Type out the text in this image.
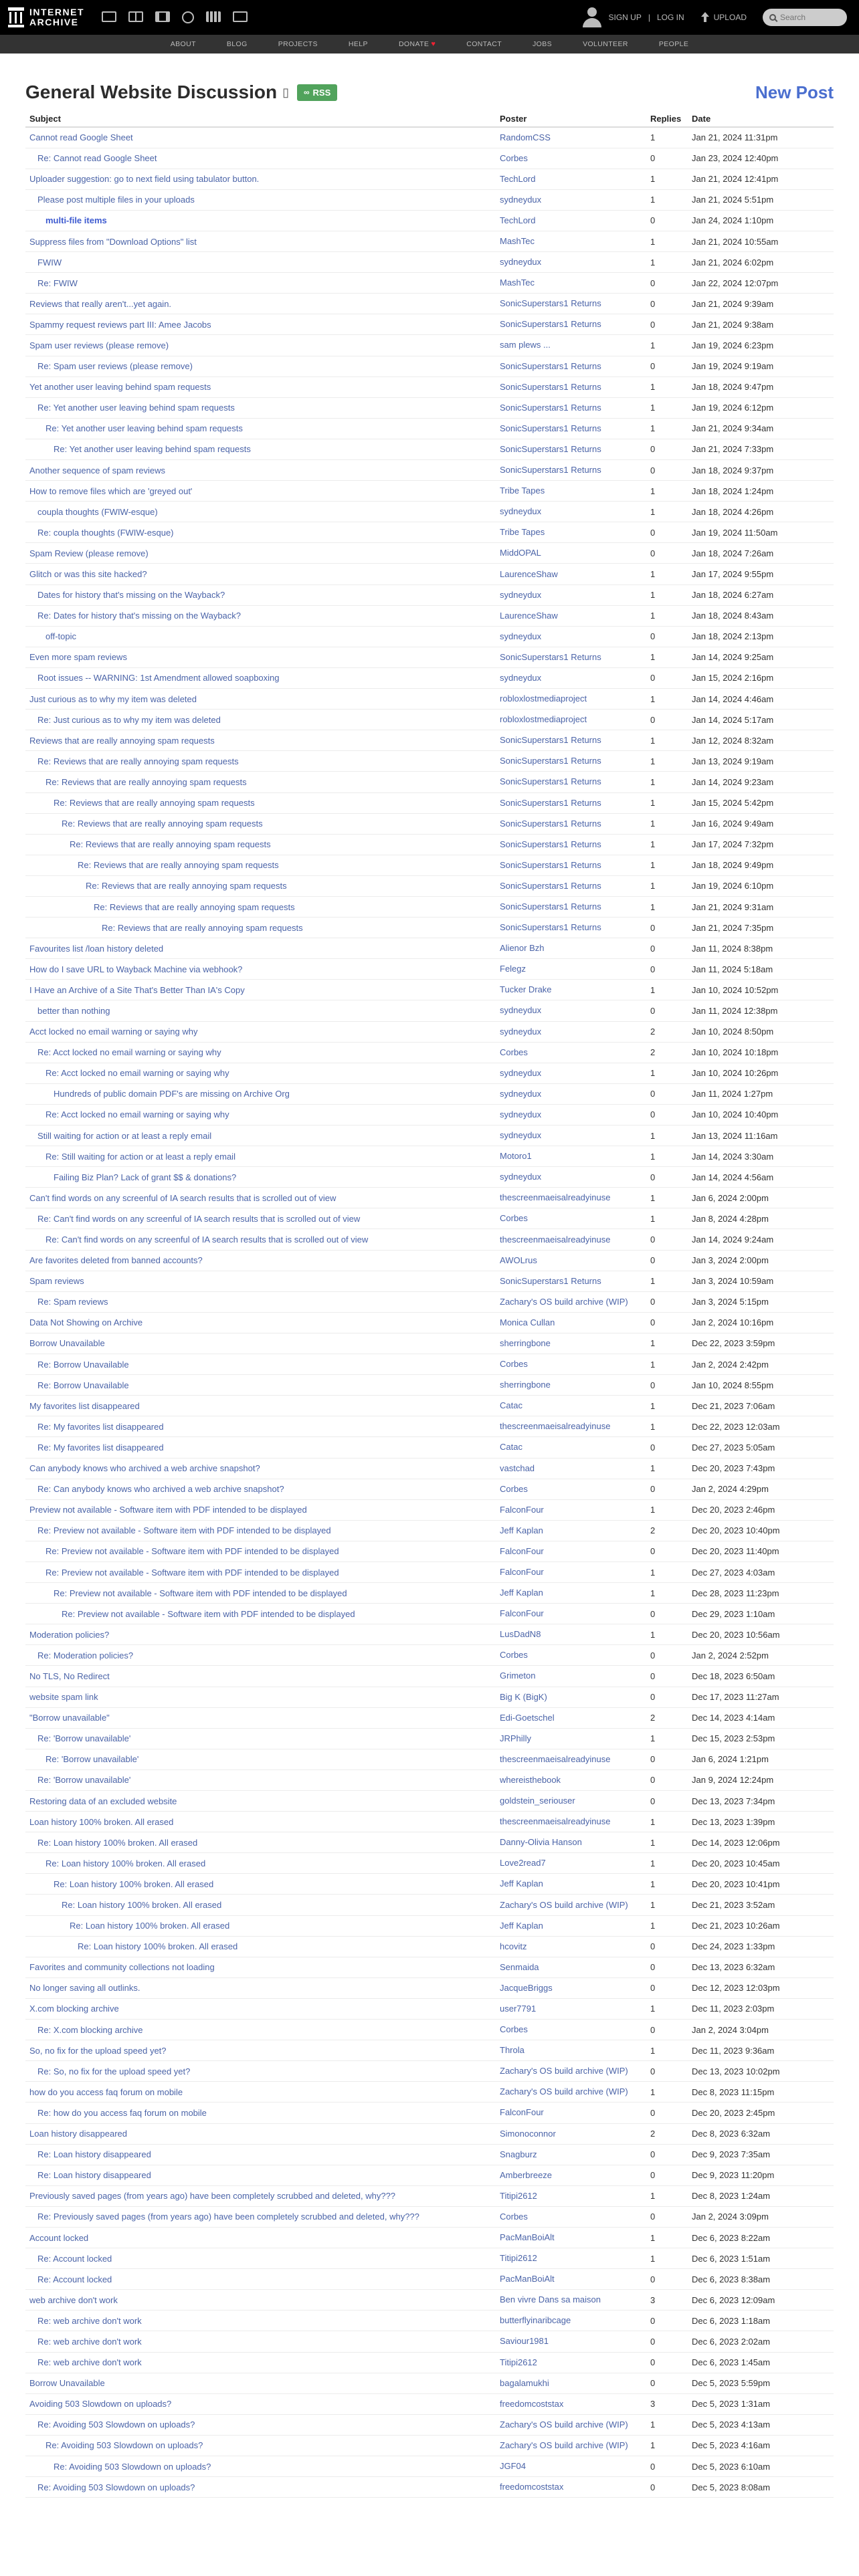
INTERNET
ARCHIVE	SIGN UP | LOG IN	UPLOAD
Search
ABOUT	BLOG	PROJECTS	HELP	DONATE ♥	CONTACT	JOBS	VOLUNTEER	PEOPLE
General Website Discussion ▯ ∞ RSS	New Post
Subject	Poster	Replies	Date
Cannot read Google Sheet	RandomCSS	1	Jan 21, 2024 11:31pm
Re: Cannot read Google Sheet	Corbes	0	Jan 23, 2024 12:40pm
Uploader suggestion: go to next field using tabulator button.	TechLord	1	Jan 21, 2024 12:41pm
Please post multiple files in your uploads	sydneydux	1	Jan 21, 2024 5:51pm
multi-file items	TechLord	0	Jan 24, 2024 1:10pm
Suppress files from "Download Options" list	MashTec	1	Jan 21, 2024 10:55am
FWIW	sydneydux	1	Jan 21, 2024 6:02pm
Re: FWIW	MashTec	0	Jan 22, 2024 12:07pm
Reviews that really aren't...yet again.	SonicSuperstars1 Returns	0	Jan 21, 2024 9:39am
Spammy request reviews part III: Amee Jacobs	SonicSuperstars1 Returns	0	Jan 21, 2024 9:38am
Spam user reviews (please remove)	sam plews ...	1	Jan 19, 2024 6:23pm
Re: Spam user reviews (please remove)	SonicSuperstars1 Returns	0	Jan 19, 2024 9:19am
Yet another user leaving behind spam requests	SonicSuperstars1 Returns	1	Jan 18, 2024 9:47pm
Re: Yet another user leaving behind spam requests	SonicSuperstars1 Returns	1	Jan 19, 2024 6:12pm
Re: Yet another user leaving behind spam requests	SonicSuperstars1 Returns	1	Jan 21, 2024 9:34am
Re: Yet another user leaving behind spam requests	SonicSuperstars1 Returns	0	Jan 21, 2024 7:33pm
Another sequence of spam reviews	SonicSuperstars1 Returns	0	Jan 18, 2024 9:37pm
How to remove files which are 'greyed out'	Tribe Tapes	1	Jan 18, 2024 1:24pm
coupla thoughts (FWIW-esque)	sydneydux	1	Jan 18, 2024 4:26pm
Re: coupla thoughts (FWIW-esque)	Tribe Tapes	0	Jan 19, 2024 11:50am
Spam Review (please remove)	MiddOPAL	0	Jan 18, 2024 7:26am
Glitch or was this site hacked?	LaurenceShaw	1	Jan 17, 2024 9:55pm
Dates for history that's missing on the Wayback?	sydneydux	1	Jan 18, 2024 6:27am
Re: Dates for history that's missing on the Wayback?	LaurenceShaw	1	Jan 18, 2024 8:43am
off-topic	sydneydux	0	Jan 18, 2024 2:13pm
Even more spam reviews	SonicSuperstars1 Returns	1	Jan 14, 2024 9:25am
Root issues -- WARNING: 1st Amendment allowed soapboxing	sydneydux	0	Jan 15, 2024 2:16pm
Just curious as to why my item was deleted	robloxlostmediaproject	1	Jan 14, 2024 4:46am
Re: Just curious as to why my item was deleted	robloxlostmediaproject	0	Jan 14, 2024 5:17am
Reviews that are really annoying spam requests	SonicSuperstars1 Returns	1	Jan 12, 2024 8:32am
Re: Reviews that are really annoying spam requests	SonicSuperstars1 Returns	1	Jan 13, 2024 9:19am
Re: Reviews that are really annoying spam requests	SonicSuperstars1 Returns	1	Jan 14, 2024 9:23am
Re: Reviews that are really annoying spam requests	SonicSuperstars1 Returns	1	Jan 15, 2024 5:42pm
Re: Reviews that are really annoying spam requests	SonicSuperstars1 Returns	1	Jan 16, 2024 9:49am
Re: Reviews that are really annoying spam requests	SonicSuperstars1 Returns	1	Jan 17, 2024 7:32pm
Re: Reviews that are really annoying spam requests	SonicSuperstars1 Returns	1	Jan 18, 2024 9:49pm
Re: Reviews that are really annoying spam requests	SonicSuperstars1 Returns	1	Jan 19, 2024 6:10pm
Re: Reviews that are really annoying spam requests	SonicSuperstars1 Returns	1	Jan 21, 2024 9:31am
Re: Reviews that are really annoying spam requests	SonicSuperstars1 Returns	0	Jan 21, 2024 7:35pm
Favourites list /loan history deleted	Alienor Bzh	0	Jan 11, 2024 8:38pm
How do I save URL to Wayback Machine via webhook?	Felegz	0	Jan 11, 2024 5:18am
I Have an Archive of a Site That's Better Than IA's Copy	Tucker Drake	1	Jan 10, 2024 10:52pm
better than nothing	sydneydux	0	Jan 11, 2024 12:38pm
Acct locked no email warning or saying why	sydneydux	2	Jan 10, 2024 8:50pm
Re: Acct locked no email warning or saying why	Corbes	2	Jan 10, 2024 10:18pm
Re: Acct locked no email warning or saying why	sydneydux	1	Jan 10, 2024 10:26pm
Hundreds of public domain PDF's are missing on Archive Org	sydneydux	0	Jan 11, 2024 1:27pm
Re: Acct locked no email warning or saying why	sydneydux	0	Jan 10, 2024 10:40pm
Still waiting for action or at least a reply email	sydneydux	1	Jan 13, 2024 11:16am
Re: Still waiting for action or at least a reply email	Motoro1	1	Jan 14, 2024 3:30am
Failing Biz Plan? Lack of grant $$ & donations?	sydneydux	0	Jan 14, 2024 4:56am
Can't find words on any screenful of IA search results that is scrolled out of view	thescreenmaeisalreadyinuse	1	Jan 6, 2024 2:00pm
Re: Can't find words on any screenful of IA search results that is scrolled out of view	Corbes	1	Jan 8, 2024 4:28pm
Re: Can't find words on any screenful of IA search results that is scrolled out of view	thescreenmaeisalreadyinuse	0	Jan 14, 2024 9:24am
Are favorites deleted from banned accounts?	AWOLrus	0	Jan 3, 2024 2:00pm
Spam reviews	SonicSuperstars1 Returns	1	Jan 3, 2024 10:59am
Re: Spam reviews	Zachary's OS build archive (WIP)	0	Jan 3, 2024 5:15pm
Data Not Showing on Archive	Monica Cullan	0	Jan 2, 2024 10:16pm
Borrow Unavailable	sherringbone	1	Dec 22, 2023 3:59pm
Re: Borrow Unavailable	Corbes	1	Jan 2, 2024 2:42pm
Re: Borrow Unavailable	sherringbone	0	Jan 10, 2024 8:55pm
My favorites list disappeared	Catac	1	Dec 21, 2023 7:06am
Re: My favorites list disappeared	thescreenmaeisalreadyinuse	1	Dec 22, 2023 12:03am
Re: My favorites list disappeared	Catac	0	Dec 27, 2023 5:05am
Can anybody knows who archived a web archive snapshot?	vastchad	1	Dec 20, 2023 7:43pm
Re: Can anybody knows who archived a web archive snapshot?	Corbes	0	Jan 2, 2024 4:29pm
Preview not available - Software item with PDF intended to be displayed	FalconFour	1	Dec 20, 2023 2:46pm
Re: Preview not available - Software item with PDF intended to be displayed	Jeff Kaplan	2	Dec 20, 2023 10:40pm
Re: Preview not available - Software item with PDF intended to be displayed	FalconFour	0	Dec 20, 2023 11:40pm
Re: Preview not available - Software item with PDF intended to be displayed	FalconFour	1	Dec 27, 2023 4:03am
Re: Preview not available - Software item with PDF intended to be displayed	Jeff Kaplan	1	Dec 28, 2023 11:23pm
Re: Preview not available - Software item with PDF intended to be displayed	FalconFour	0	Dec 29, 2023 1:10am
Moderation policies?	LusDadN8	1	Dec 20, 2023 10:56am
Re: Moderation policies?	Corbes	0	Jan 2, 2024 2:52pm
No TLS, No Redirect	Grimeton	0	Dec 18, 2023 6:50am
website spam link	Big K (BigK)	0	Dec 17, 2023 11:27am
"Borrow unavailable"	Edi-Goetschel	2	Dec 14, 2023 4:14am
Re: 'Borrow unavailable'	JRPhilly	1	Dec 15, 2023 2:53pm
Re: 'Borrow unavailable'	thescreenmaeisalreadyinuse	0	Jan 6, 2024 1:21pm
Re: 'Borrow unavailable'	whereisthebook	0	Jan 9, 2024 12:24pm
Restoring data of an excluded website	goldstein_seriouser	0	Dec 13, 2023 7:34pm
Loan history 100% broken. All erased	thescreenmaeisalreadyinuse	1	Dec 13, 2023 1:39pm
Re: Loan history 100% broken. All erased	Danny-Olivia Hanson	1	Dec 14, 2023 12:06pm
Re: Loan history 100% broken. All erased	Love2read7	1	Dec 20, 2023 10:45am
Re: Loan history 100% broken. All erased	Jeff Kaplan	1	Dec 20, 2023 10:41pm
Re: Loan history 100% broken. All erased	Zachary's OS build archive (WIP)	1	Dec 21, 2023 3:52am
Re: Loan history 100% broken. All erased	Jeff Kaplan	1	Dec 21, 2023 10:26am
Re: Loan history 100% broken. All erased	hcovitz	0	Dec 24, 2023 1:33pm
Favorites and community collections not loading	Senmaida	0	Dec 13, 2023 6:32am
No longer saving all outlinks.	JacqueBriggs	0	Dec 12, 2023 12:03pm
X.com blocking archive	user7791	1	Dec 11, 2023 2:03pm
Re: X.com blocking archive	Corbes	0	Jan 2, 2024 3:04pm
So, no fix for the upload speed yet?	Throla	1	Dec 11, 2023 9:36am
Re: So, no fix for the upload speed yet?	Zachary's OS build archive (WIP)	0	Dec 13, 2023 10:02pm
how do you access faq forum on mobile	Zachary's OS build archive (WIP)	1	Dec 8, 2023 11:15pm
Re: how do you access faq forum on mobile	FalconFour	0	Dec 20, 2023 2:45pm
Loan history disappeared	Simonoconnor	2	Dec 8, 2023 6:32am
Re: Loan history disappeared	Snagburz	0	Dec 9, 2023 7:35am
Re: Loan history disappeared	Amberbreeze	0	Dec 9, 2023 11:20pm
Previously saved pages (from years ago) have been completely scrubbed and deleted, why???	Titipi2612	1	Dec 8, 2023 1:24am
Re: Previously saved pages (from years ago) have been completely scrubbed and deleted, why???	Corbes	0	Jan 2, 2024 3:09pm
Account locked	PacManBoiAlt	1	Dec 6, 2023 8:22am
Re: Account locked	Titipi2612	1	Dec 6, 2023 1:51am
Re: Account locked	PacManBoiAlt	0	Dec 6, 2023 8:38am
web archive don't work	Ben vivre Dans sa maison	3	Dec 6, 2023 12:09am
Re: web archive don't work	butterflyinaribcage	0	Dec 6, 2023 1:18am
Re: web archive don't work	Saviour1981	0	Dec 6, 2023 2:02am
Re: web archive don't work	Titipi2612	0	Dec 6, 2023 1:45am
Borrow Unavailable	bagalamukhi	0	Dec 5, 2023 5:59pm
Avoiding 503 Slowdown on uploads?	freedomcoststax	3	Dec 5, 2023 1:31am
Re: Avoiding 503 Slowdown on uploads?	Zachary's OS build archive (WIP)	1	Dec 5, 2023 4:13am
Re: Avoiding 503 Slowdown on uploads?	Zachary's OS build archive (WIP)	1	Dec 5, 2023 4:16am
Re: Avoiding 503 Slowdown on uploads?	JGF04	0	Dec 5, 2023 6:10am
Re: Avoiding 503 Slowdown on uploads?	freedomcoststax	0	Dec 5, 2023 8:08am
